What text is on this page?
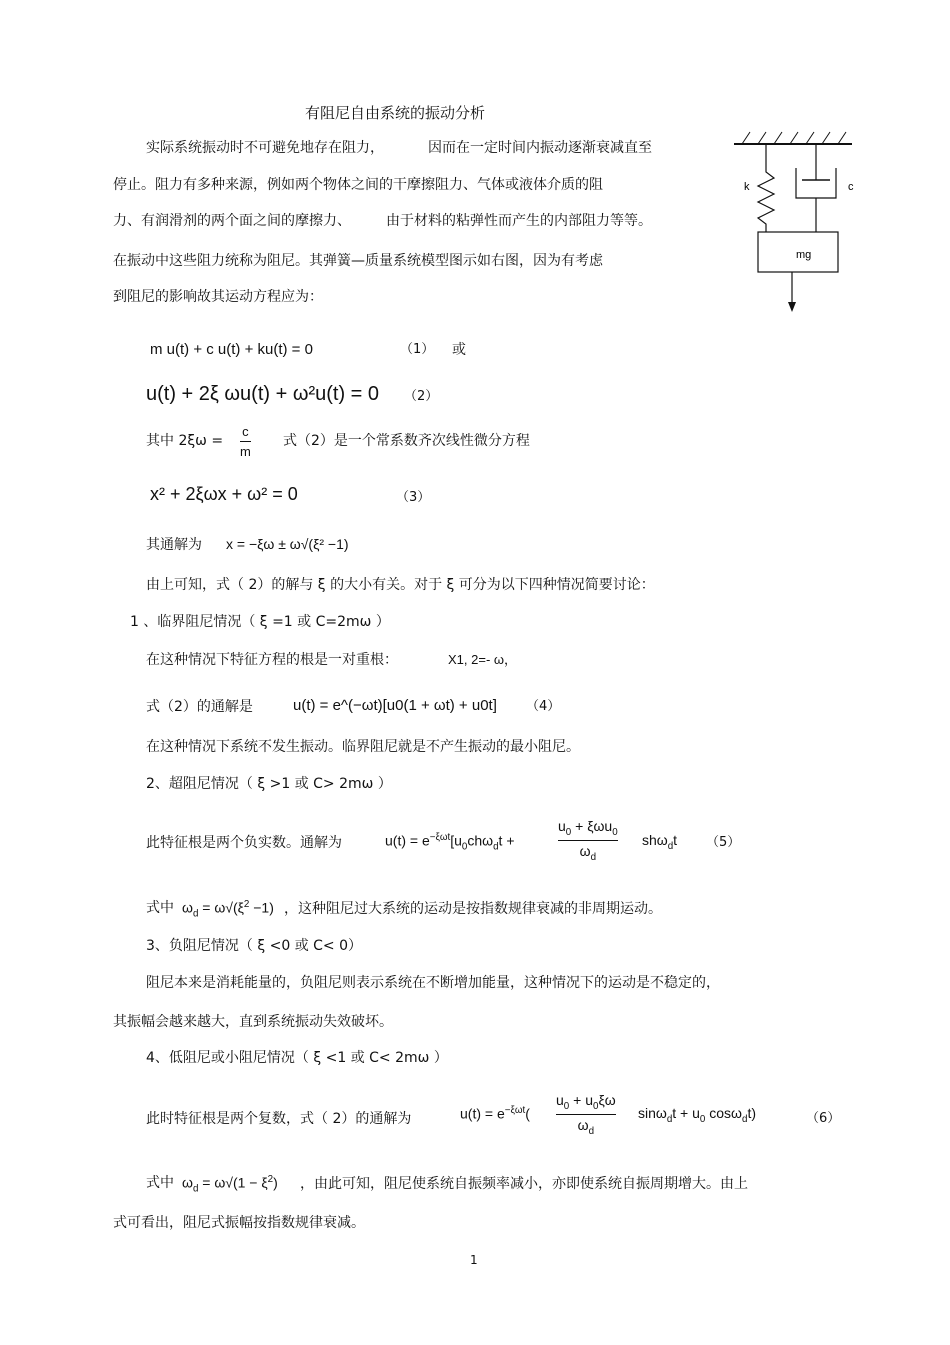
有阻尼自由系统的振动分析
实际系统振动时不可避免地存在阻力，	因而在一定时间内振动逐渐衰减直至
停止。阻力有多种来源，例如两个物体之间的干摩擦阻力、气体或液体介质的阻
力、有润滑剂的两个面之间的摩擦力、	由于材料的粘弹性而产生的内部阻力等等。
在振动中这些阻力统称为阻尼。其弹簧—质量系统模型图示如右图，因为有考虑
到阻尼的影响故其运动方程应为：
k	c
mg
m u(t) + c u(t) + ku(t) = 0	（1） 或
u(t) + 2ξ ωu(t) + ω²u(t) = 0 （2）
其中 2ξω =
c
m
式（2）是一个常系数齐次线性微分方程
x² + 2ξωx + ω² = 0	（3）
其通解为 x = −ξω ± ω√(ξ² −1)
由上可知，式（ 2）的解与 ξ 的大小有关。对于 ξ 可分为以下四种情况简要讨论：
1 、临界阻尼情况（ ξ =1 或 C=2mω ）
在这种情况下特征方程的根是一对重根：	X1, 2=- ω，
式（2）的通解是	u(t) = e^(−ωt)[u0(1 + ωt) + u0t] （4）
在这种情况下系统不发生振动。临界阻尼就是不产生振动的最小阻尼。
2、超阻尼情况（ ξ >1 或 C> 2mω ）
此特征根是两个负实数。通解为	$u(t) = e^{-\xi\omega t}[u_0ch\omega_dt$ +
$u_0 + \xi\omega u_0$
$\omega_d$
shω$_d$t （5）
式中 $\omega_d = \omega√(\xi^2 -1)$ ，这种阻尼过大系统的运动是按指数规律衰减的非周期运动。
3、负阻尼情况（ ξ <0 或 C< 0）
阻尼本来是消耗能量的，负阻尼则表示系统在不断增加能量，这种情况下的运动是不稳定的，
其振幅会越来越大，直到系统振动失效破坏。
4、低阻尼或小阻尼情况（ ξ <1 或 C< 2mω ）
此时特征根是两个复数，式（ 2）的通解为	$u(t) = e^{-\xi\omega t}$(
$u_0 + u_0\xi\omega$
$\omega_d$
$\sin\omega_dt + u_0$ cosω$_d$t)	（6）
式中 $\omega_d = \omega√(1 - \xi^2)$ ，由此可知，阻尼使系统自振频率减小，亦即使系统自振周期增大。由上
式可看出，阻尼式振幅按指数规律衰减。
1
